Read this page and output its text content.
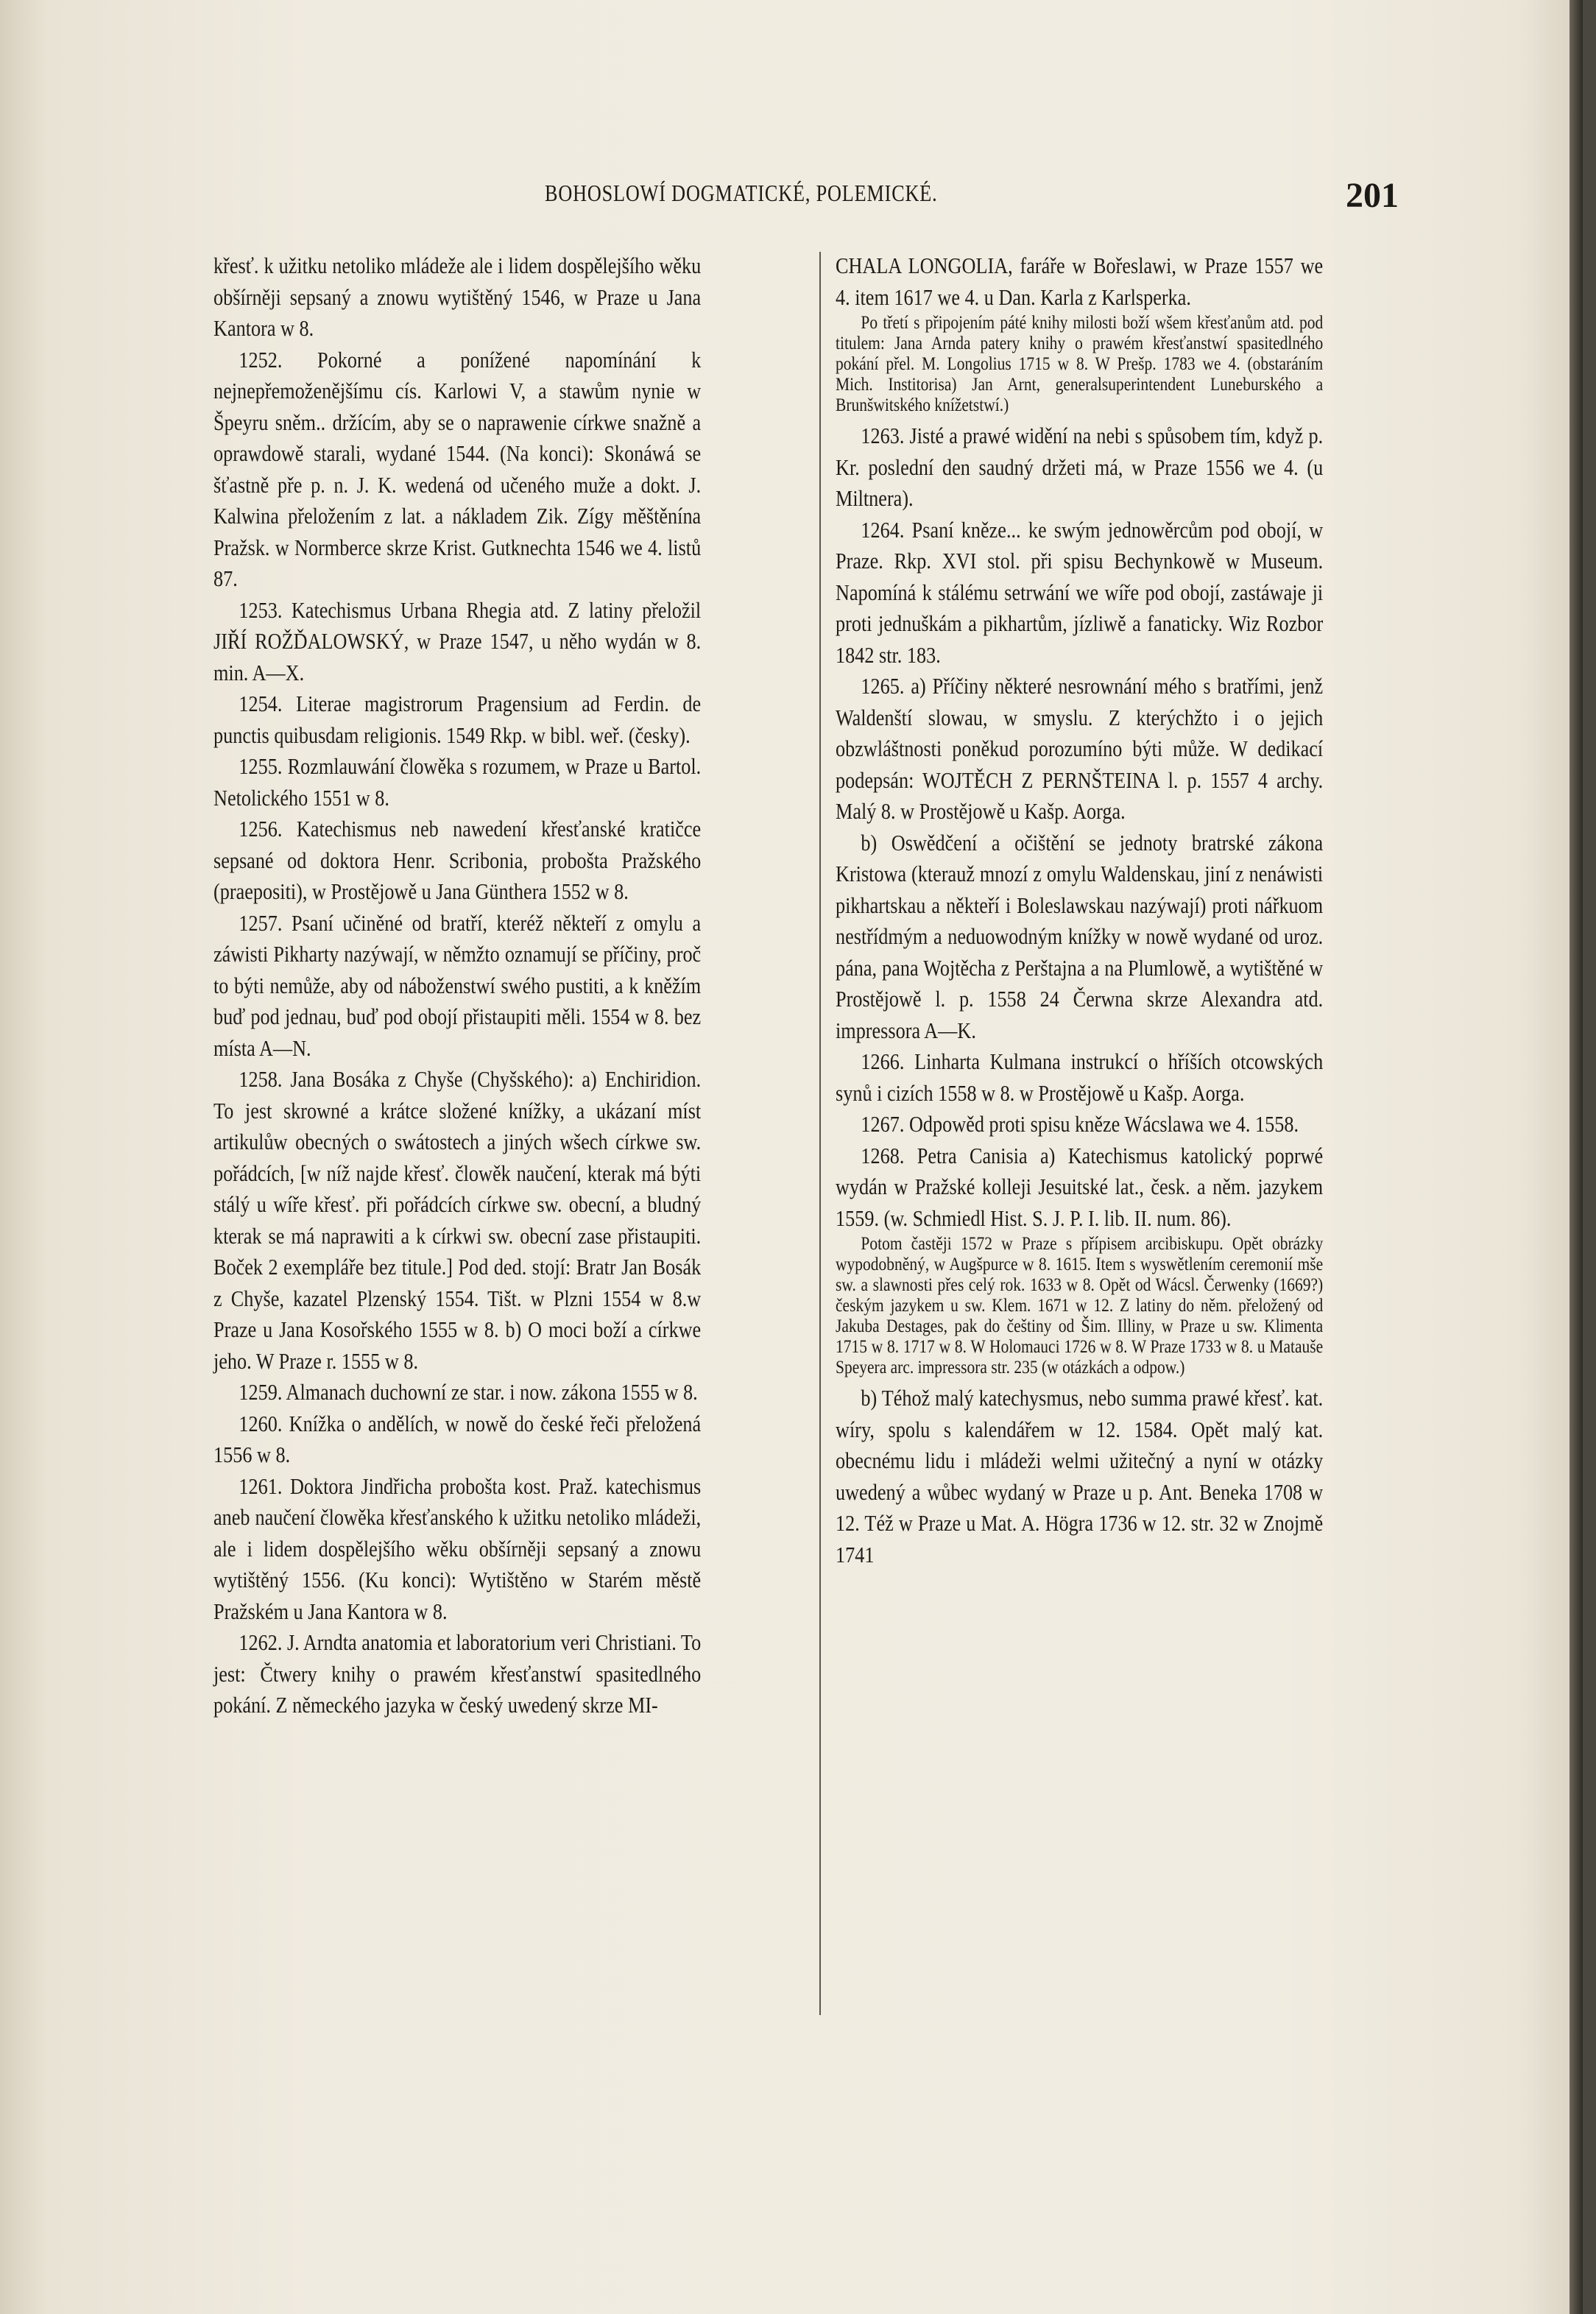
BOHOSLOWÍ DOGMATICKÉ, POLEMICKÉ.	201

křesť. k užitku netoliko mládeže ale i lidem dospělejšího wěku obšírněji sepsaný a znowu wytištěný 1546, w Praze u Jana Kantora w 8.

1252. Pokorné a ponížené napomínání k nejnepřemoženějšímu cís. Karlowi V, a stawům nynie w Špeyru sněm.. držícím, aby se o naprawenie církwe snažně a oprawdowě starali, wydané 1544. (Na konci): Skonáwá se šťastně pře p. n. J. K. wedená od učeného muže a dokt. J. Kalwina přeložením z lat. a nákladem Zik. Zígy měštěnína Pražsk. w Normberce skrze Krist. Gutknechta 1546 we 4. listů 87.

1253. Katechismus Urbana Rhegia atd. Z latiny přeložil JIŘÍ ROŽĎALOWSKÝ, w Praze 1547, u něho wydán w 8. min. A—X.

1254. Literae magistrorum Pragensium ad Ferdin. de punctis quibusdam religionis. 1549 Rkp. w bibl. weř. (česky).

1255. Rozmlauwání člowěka s rozumem, w Praze u Bartol. Netolického 1551 w 8.

1256. Katechismus neb nawedení křesťanské kratičce sepsané od doktora Henr. Scribonia, probošta Pražského (praepositi), w Prostějowě u Jana Günthera 1552 w 8.

1257. Psaní učiněné od bratří, kteréž někteří z omylu a záwisti Pikharty nazýwají, w němžto oznamují se příčiny, proč to býti nemůže, aby od náboženstwí swého pustiti, a k kněžím buď pod jednau, buď pod obojí přistaupiti měli. 1554 w 8. bez místa A—N.

1258. Jana Bosáka z Chyše (Chyšského): a) Enchiridion. To jest skrowné a krátce složené knížky, a ukázaní míst artikulůw obecných o swátostech a jiných wšech církwe sw. pořádcích, [w níž najde křesť. člowěk naučení, kterak má býti stálý u wíře křesť. při pořádcích církwe sw. obecní, a bludný kterak se má naprawiti a k církwi sw. obecní zase přistaupiti. Boček 2 exempláře bez titule.] Pod ded. stojí: Bratr Jan Bosák z Chyše, kazatel Plzenský 1554. Tišt. w Plzni 1554 w 8.w Praze u Jana Kosořského 1555 w 8. b) O moci boží a církwe jeho. W Praze r. 1555 w 8.

1259. Almanach duchowní ze star. i now. zákona 1555 w 8.

1260. Knížka o andělích, w nowě do české řeči přeložená 1556 w 8.

1261. Doktora Jindřicha probošta kost. Praž. katechismus aneb naučení člowěka křesťanského k užitku netoliko mládeži, ale i lidem dospělejšího wěku obšírněji sepsaný a znowu wytištěný 1556. (Ku konci): Wytištěno w Starém městě Pražském u Jana Kantora w 8.

1262. J. Arndta anatomia et laboratorium veri Christiani. To jest: Čtwery knihy o prawém křesťanstwí spasitedlného pokání. Z německého jazyka w český uwedený skrze MI-

CHALA LONGOLIA, faráře w Bořeslawi, w Praze 1557 we 4. item 1617 we 4. u Dan. Karla z Karlsperka.

Po třetí s připojením páté knihy milosti boží wšem křesťanům atd. pod titulem: Jana Arnda patery knihy o prawém křesťanstwí spasitedlného pokání přel. M. Longolius 1715 w 8. W Prešp. 1783 we 4. (obstaráním Mich. Institorisa) Jan Arnt, generalsuperintendent Luneburského a Brunšwitského knížetstwí.)

1263. Jisté a prawé widění na nebi s spůsobem tím, když p. Kr. poslední den saudný držeti má, w Praze 1556 we 4. (u Miltnera).

1264. Psaní kněze... ke swým jednowěrcům pod obojí, w Praze. Rkp. XVI stol. při spisu Bechynkowě w Museum. Napomíná k stálému setrwání we wíře pod obojí, zastáwaje ji proti jednuškám a pikhartům, jízliwě a fanaticky. Wiz Rozbor 1842 str. 183.

1265. a) Příčiny některé nesrownání mého s bratřími, jenž Waldenští slowau, w smyslu. Z kterýchžto i o jejich obzwláštnosti poněkud porozumíno býti může. W dedikací podepsán: WOJTĚCH Z PERNŠTEINA l. p. 1557 4 archy. Malý 8. w Prostějowě u Kašp. Aorga.

b) Oswědčení a očištění se jednoty bratrské zákona Kristowa (kterauž mnozí z omylu Waldenskau, jiní z nenáwisti pikhartskau a někteří i Boleslawskau nazýwají) proti nářkuom nestřídmým a neduowodným knížky w nowě wydané od uroz. pána, pana Wojtěcha z Perštajna a na Plumlowě, a wytištěné w Prostějowě l. p. 1558 24 Čerwna skrze Alexandra atd. impressora A—K.

1266. Linharta Kulmana instrukcí o hříších otcowských synů i cizích 1558 w 8. w Prostějowě u Kašp. Aorga.

1267. Odpowěd proti spisu kněze Wácslawa we 4. 1558.

1268. Petra Canisia a) Katechismus katolický poprwé wydán w Pražské kolleji Jesuitské lat., česk. a něm. jazykem 1559. (w. Schmiedl Hist. S. J. P. I. lib. II. num. 86).

Potom častěji 1572 w Praze s přípisem arcibiskupu. Opět obrázky wypodobněný, w Augšpurce w 8. 1615. Item s wyswětlením ceremonií mše sw. a slawnosti přes celý rok. 1633 w 8. Opět od Wácsl. Čerwenky (1669?) českým jazykem u sw. Klem. 1671 w 12. Z latiny do něm. přeložený od Jakuba Destages, pak do češtiny od Šim. Illiny, w Praze u sw. Klimenta 1715 w 8. 1717 w 8. W Holomauci 1726 w 8. W Praze 1733 w 8. u Matauše Speyera arc. impressora str. 235 (w otázkách a odpow.)

b) Téhož malý katechysmus, nebo summa prawé křesť. kat. wíry, spolu s kalendářem w 12. 1584. Opět malý kat. obecnému lidu i mládeži welmi užitečný a nyní w otázky uwedený a wůbec wydaný w Praze u p. Ant. Beneka 1708 w 12. Též w Praze u Mat. A. Högra 1736 w 12. str. 32 w Znojmě 1741
